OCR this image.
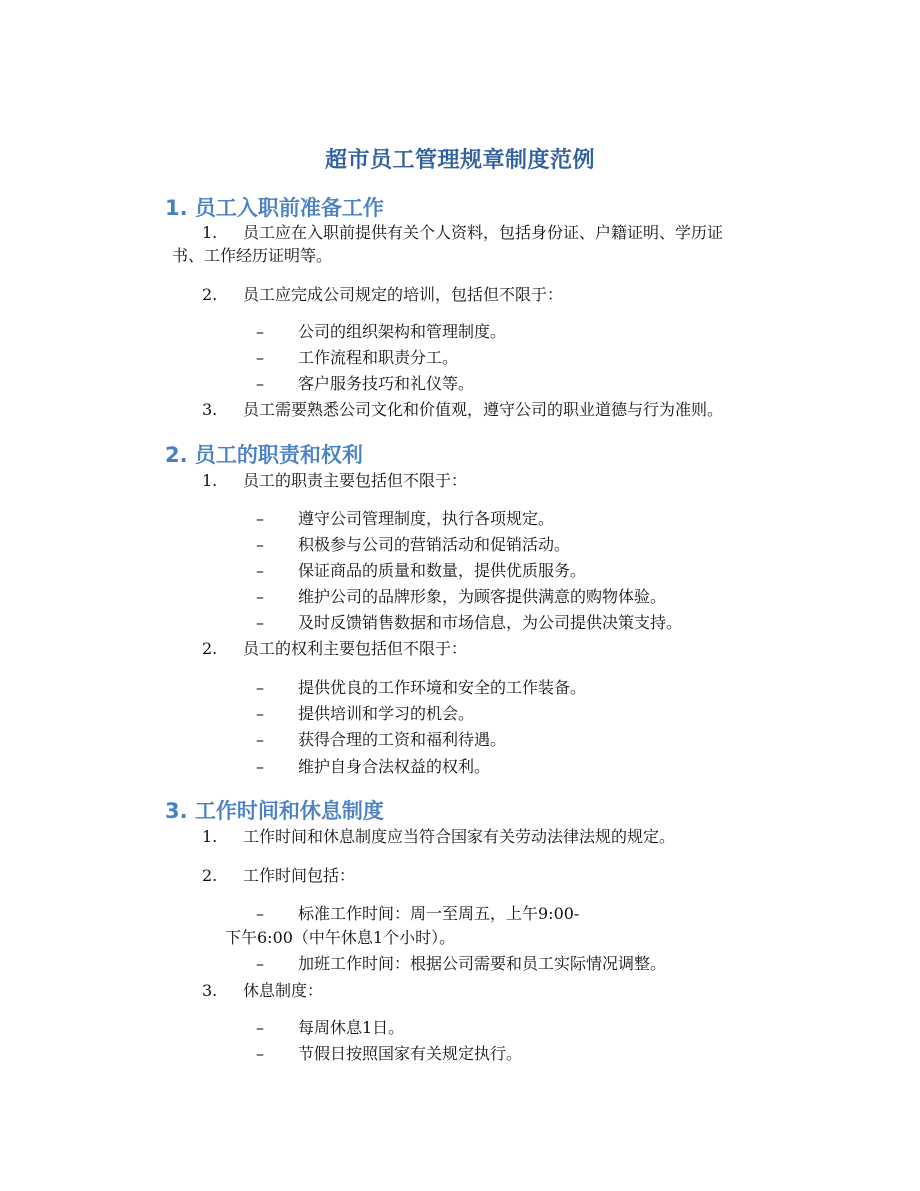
超市员工管理规章制度范例
1. 员工入职前准备工作
1. 员工应在入职前提供有关个人资料，包括身份证、户籍证明、学历证
书、工作经历证明等。
2. 员工应完成公司规定的培训，包括但不限于：
– 公司的组织架构和管理制度。
– 工作流程和职责分工。
– 客户服务技巧和礼仪等。
3. 员工需要熟悉公司文化和价值观，遵守公司的职业道德与行为准则。
2. 员工的职责和权利
1. 员工的职责主要包括但不限于：
– 遵守公司管理制度，执行各项规定。
– 积极参与公司的营销活动和促销活动。
– 保证商品的质量和数量，提供优质服务。
– 维护公司的品牌形象，为顾客提供满意的购物体验。
– 及时反馈销售数据和市场信息，为公司提供决策支持。
2. 员工的权利主要包括但不限于：
– 提供优良的工作环境和安全的工作装备。
– 提供培训和学习的机会。
– 获得合理的工资和福利待遇。
– 维护自身合法权益的权利。
3. 工作时间和休息制度
1. 工作时间和休息制度应当符合国家有关劳动法律法规的规定。
2. 工作时间包括：
– 标准工作时间：周一至周五，上午9:00-
下午6:00（中午休息1个小时）。
– 加班工作时间：根据公司需要和员工实际情况调整。
3. 休息制度：
– 每周休息1日。
– 节假日按照国家有关规定执行。
